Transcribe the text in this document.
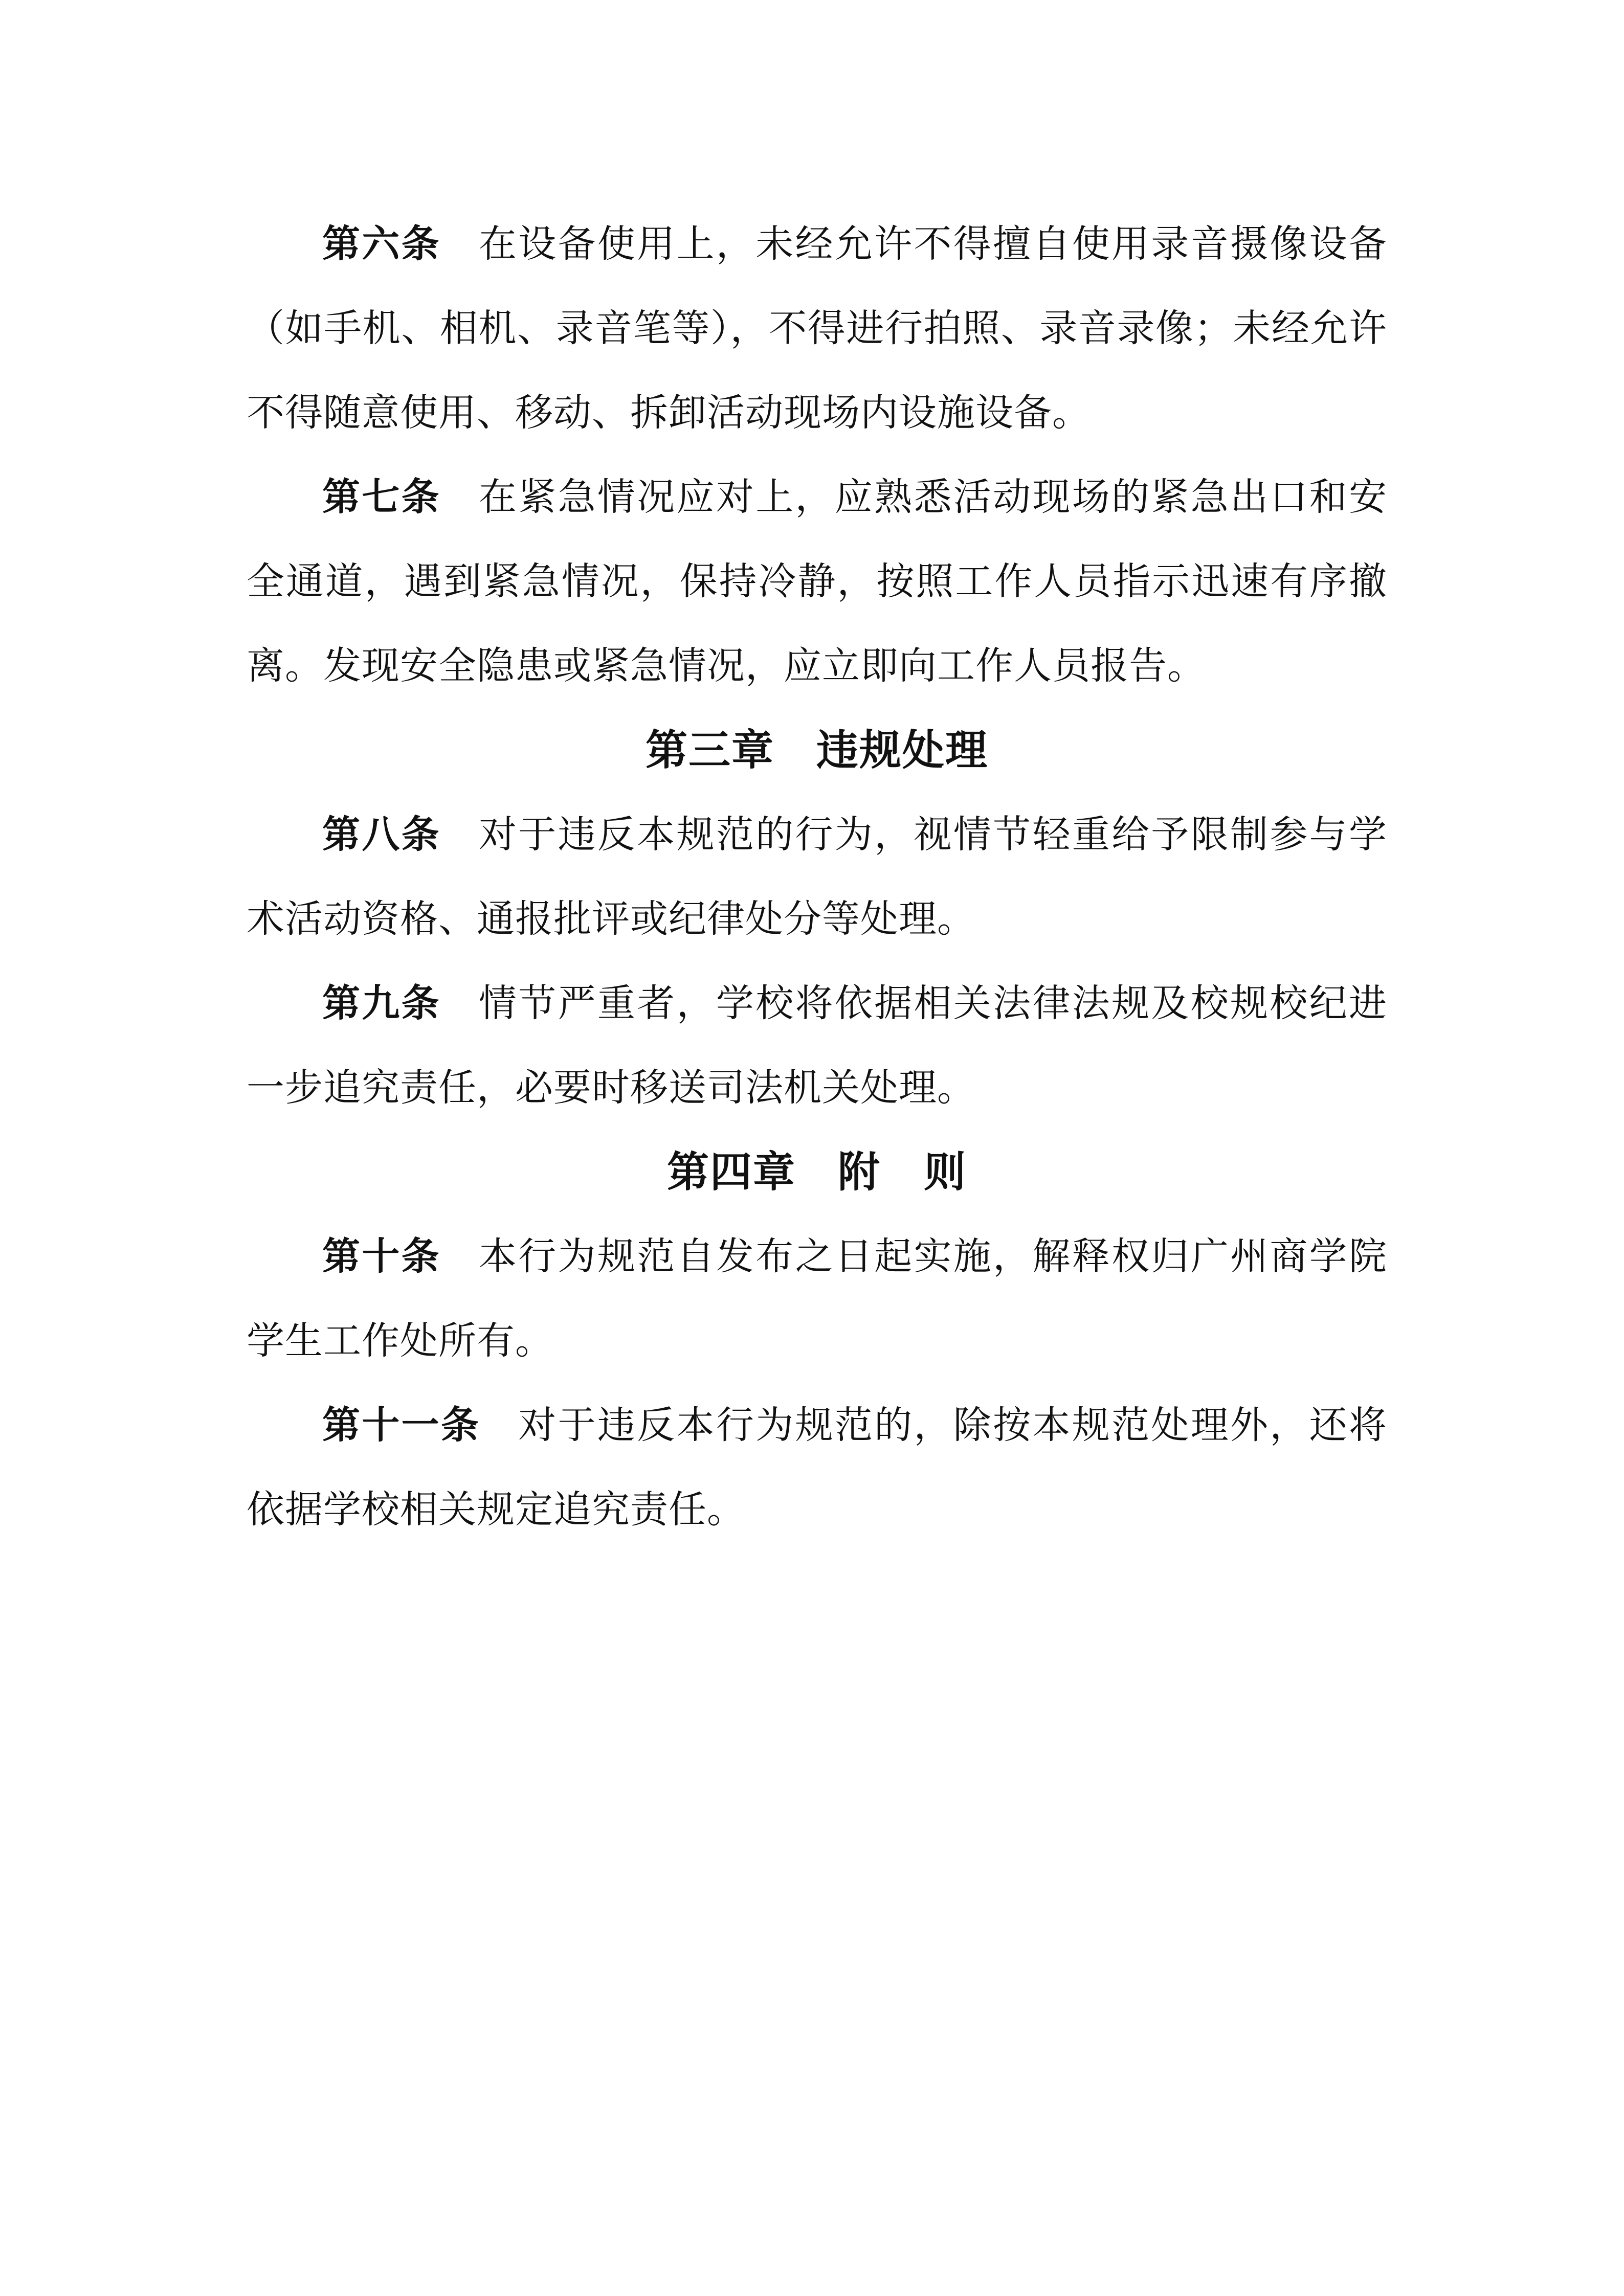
第六条 在设备使用上，未经允许不得擅自使用录音摄像设备（如手机、相机、录音笔等），不得进行拍照、录音录像；未经允许不得随意使用、移动、拆卸活动现场内设施设备。

第七条 在紧急情况应对上，应熟悉活动现场的紧急出口和安全通道，遇到紧急情况，保持冷静，按照工作人员指示迅速有序撤离。发现安全隐患或紧急情况，应立即向工作人员报告。

第三章 违规处理

第八条 对于违反本规范的行为，视情节轻重给予限制参与学术活动资格、通报批评或纪律处分等处理。

第九条 情节严重者，学校将依据相关法律法规及校规校纪进一步追究责任，必要时移送司法机关处理。

第四章 附　则

第十条 本行为规范自发布之日起实施，解释权归广州商学院学生工作处所有。

第十一条 对于违反本行为规范的，除按本规范处理外，还将依据学校相关规定追究责任。
